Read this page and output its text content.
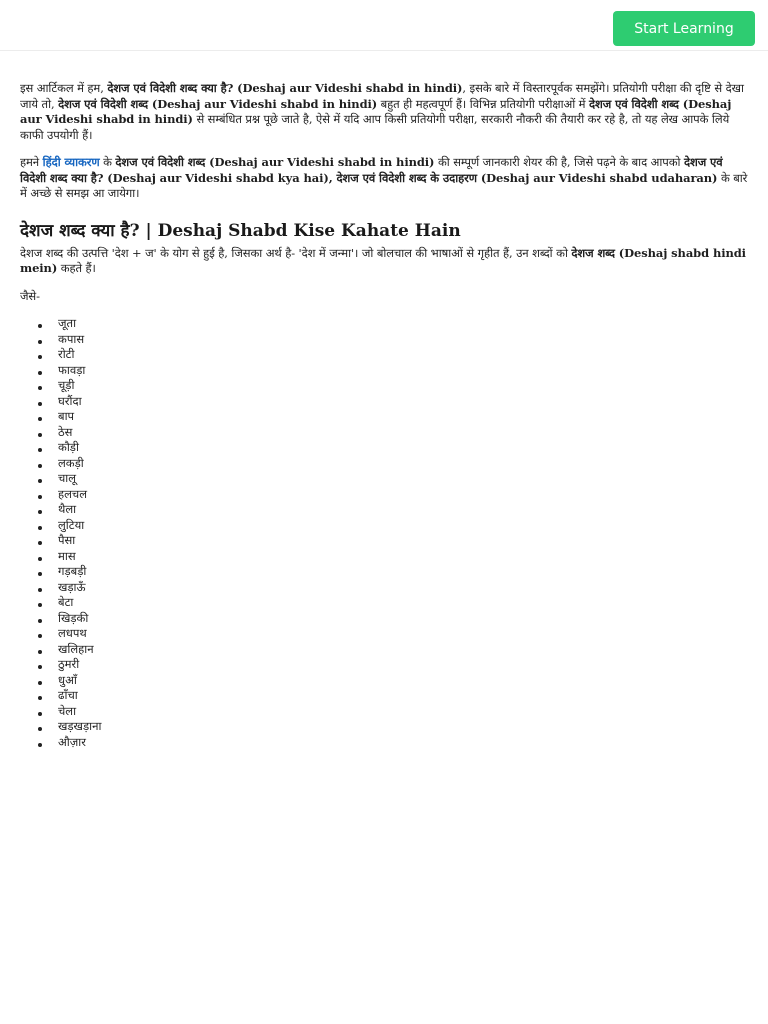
Start Learning

इस आर्टिकल में हम, देशज एवं विदेशी शब्द क्या है? (Deshaj aur Videshi shabd in hindi), इसके बारे में विस्तारपूर्वक समझेंगे। प्रतियोगी परीक्षा की दृष्टि से देखा जाये तो, देशज एवं विदेशी शब्द (Deshaj aur Videshi shabd in hindi) बहुत ही महत्वपूर्ण हैं। विभिन्न प्रतियोगी परीक्षाओं में देशज एवं विदेशी शब्द (Deshaj aur Videshi shabd in hindi) से सम्बंधित प्रश्न पूछे जाते है, ऐसे में यदि आप किसी प्रतियोगी परीक्षा, सरकारी नौकरी की तैयारी कर रहे है, तो यह लेख आपके लिये काफी उपयोगी हैं।

हमने हिंदी व्याकरण के देशज एवं विदेशी शब्द (Deshaj aur Videshi shabd in hindi) की सम्पूर्ण जानकारी शेयर की है, जिसे पढ़ने के बाद आपको देशज एवं विदेशी शब्द क्या है? (Deshaj aur Videshi shabd kya hai), देशज एवं विदेशी शब्द के उदाहरण (Deshaj aur Videshi shabd udaharan) के बारे में अच्छे से समझ आ जायेगा।

देशज शब्द क्या है? | Deshaj Shabd Kise Kahate Hain

देशज शब्द की उत्पत्ति 'देश + ज' के योग से हुई है, जिसका अर्थ है- 'देश में जन्मा'। जो बोलचाल की भाषाओं से गृहीत हैं, उन शब्दों को देशज शब्द (Deshaj shabd hindi mein) कहते हैं।

जैसे-

जूता
कपास
रोटी
फावड़ा
चूड़ी
घरौंदा
बाप
ठेस
कौड़ी
लकड़ी
चालू
हलचल
थैला
लुटिया
पैसा
मास
गड़बड़ी
खड़ाऊँ
बेटा
खिड़की
लधपथ
खलिहान
ठुमरी
धुआँ
ढाँचा
चेला
खड़खड़ाना
औज़ार
